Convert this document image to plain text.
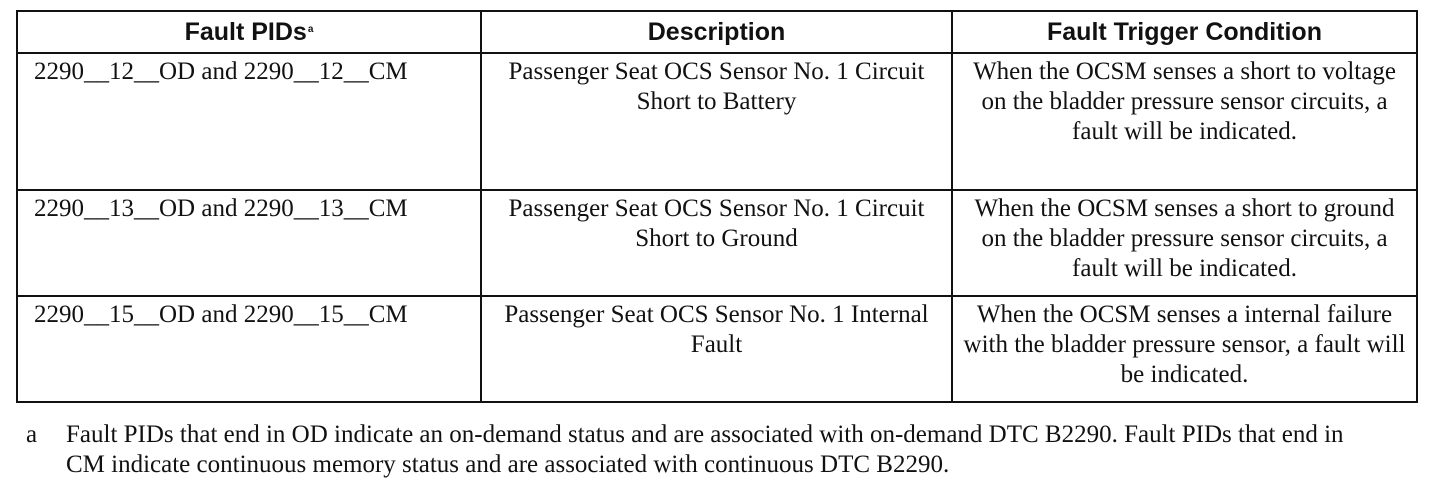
Fault PIDs$^a$	Description	Fault Trigger Condition
2290__12__OD and 2290__12__CM	Passenger Seat OCS Sensor No. 1 Circuit Short to Battery	When the OCSM senses a short to voltage on the bladder pressure sensor circuits, a fault will be indicated.
2290__13__OD and 2290__13__CM	Passenger Seat OCS Sensor No. 1 Circuit Short to Ground	When the OCSM senses a short to ground on the bladder pressure sensor circuits, a fault will be indicated.
2290__15__OD and 2290__15__CM	Passenger Seat OCS Sensor No. 1 Internal Fault	When the OCSM senses a internal failure with the bladder pressure sensor, a fault will be indicated.
a	Fault PIDs that end in OD indicate an on-demand status and are associated with on-demand DTC B2290. Fault PIDs that end in CM indicate continuous memory status and are associated with continuous DTC B2290.
